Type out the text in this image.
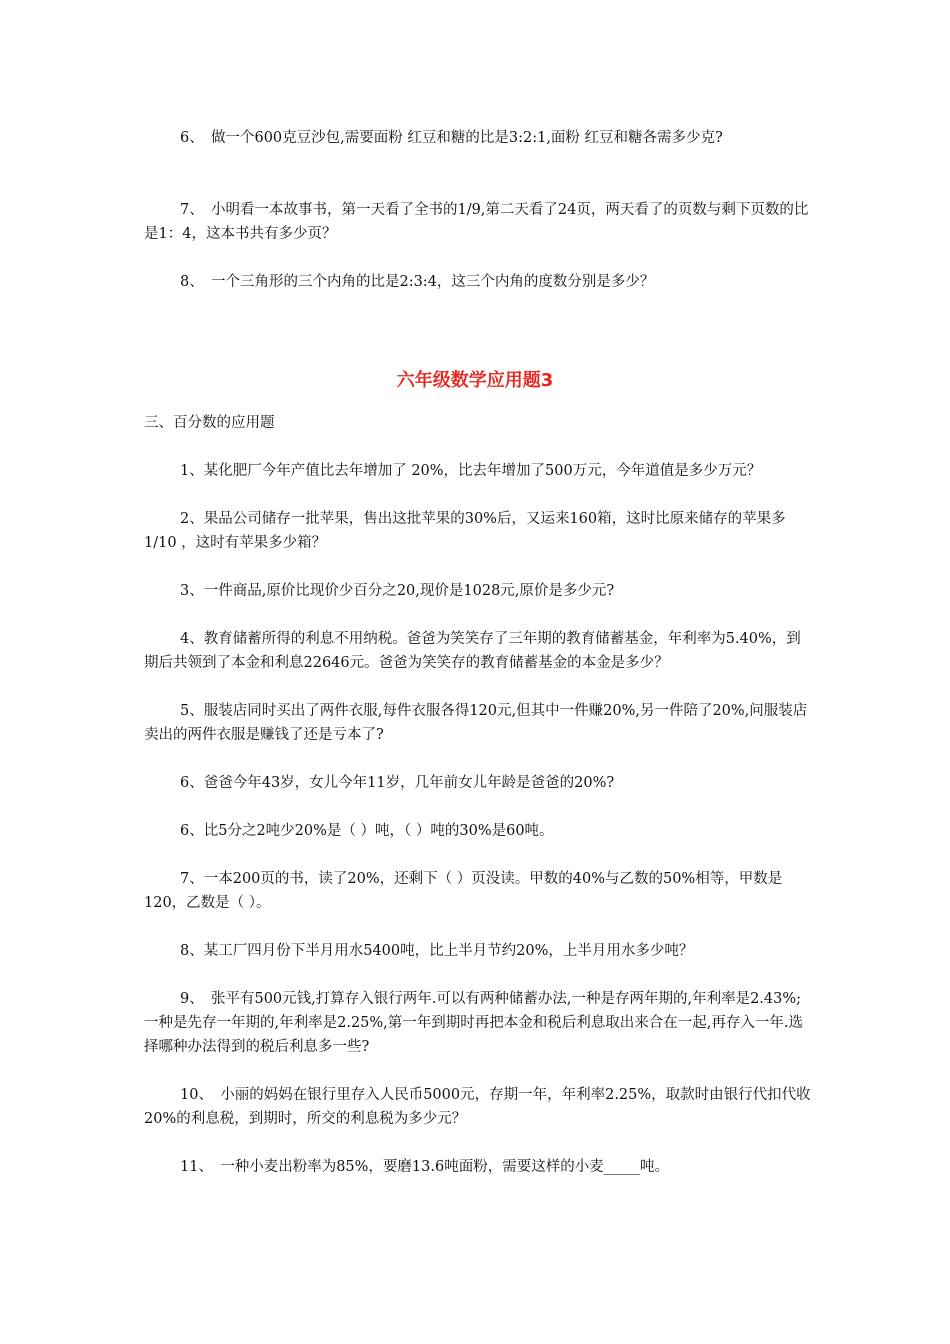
6、　做一个600克豆沙包,需要面粉 红豆和糖的比是3:2:1,面粉 红豆和糖各需多少克?

7、　小明看一本故事书，第一天看了全书的1/9,第二天看了24页，两天看了的页数与剩下页数的比是1：4，这本书共有多少页？

8、　一个三角形的三个内角的比是2:3:4，这三个内角的度数分别是多少？

六年级数学应用题3

三、百分数的应用题

1、某化肥厂今年产值比去年增加了 20%，比去年增加了500万元，今年道值是多少万元？

2、果品公司储存一批苹果，售出这批苹果的30%后，又运来160箱，这时比原来储存的苹果多1/10 ，这时有苹果多少箱？

3、一件商品,原价比现价少百分之20,现价是1028元,原价是多少元?

4、教育储蓄所得的利息不用纳税。爸爸为笑笑存了三年期的教育储蓄基金，年利率为5.40%，到期后共领到了本金和利息22646元。爸爸为笑笑存的教育储蓄基金的本金是多少？

5、服装店同时买出了两件衣服,每件衣服各得120元,但其中一件赚20%,另一件陪了20%,问服装店卖出的两件衣服是赚钱了还是亏本了?

6、爸爸今年43岁，女儿今年11岁，几年前女儿年龄是爸爸的20%?

6、比5分之2吨少20%是（ ）吨，（ ）吨的30%是60吨。

7、一本200页的书，读了20%，还剩下（ ）页没读。甲数的40%与乙数的50%相等，甲数是120，乙数是（ ）。

8、某工厂四月份下半月用水5400吨，比上半月节约20%，上半月用水多少吨？

9、　张平有500元钱,打算存入银行两年.可以有两种储蓄办法,一种是存两年期的,年利率是2.43%;一种是先存一年期的,年利率是2.25%,第一年到期时再把本金和税后利息取出来合在一起,再存入一年.选择哪种办法得到的税后利息多一些?

10、　小丽的妈妈在银行里存入人民币5000元，存期一年，年利率2.25%，取款时由银行代扣代收20%的利息税，到期时，所交的利息税为多少元？

11、　一种小麦出粉率为85%，要磨13.6吨面粉，需要这样的小麦_____吨。
